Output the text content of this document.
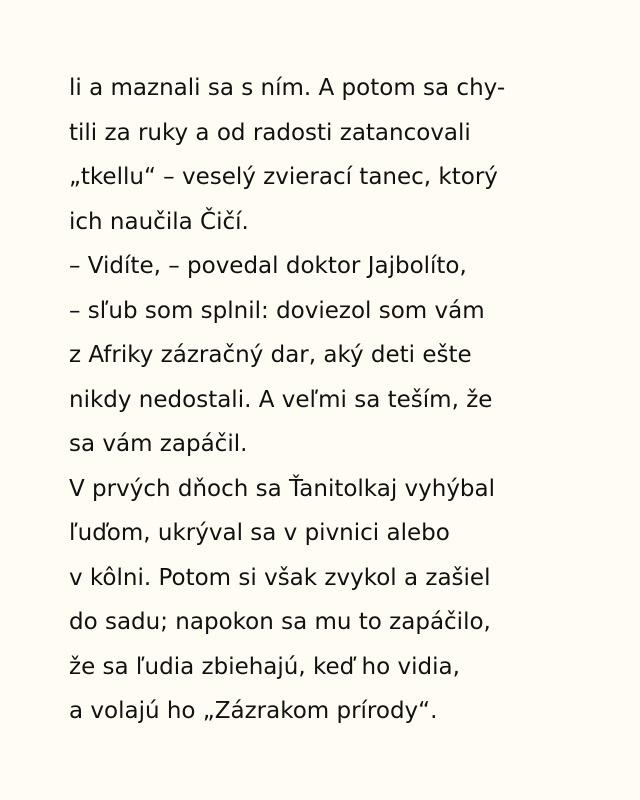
li a maznali sa s ním. A potom sa chy-
tili za ruky a od radosti zatancovali
„tkellu“ – veselý zvierací tanec, ktorý
ich naučila Čičí.
– Vidíte, – povedal doktor Jajbolíto,
– sľub som splnil: doviezol som vám
z Afriky zázračný dar, aký deti ešte
nikdy nedostali. A veľmi sa teším, že
sa vám zapáčil.
V prvých dňoch sa Ťanitolkaj vyhýbal
ľuďom, ukrýval sa v pivnici alebo
v kôlni. Potom si však zvykol a zašiel
do sadu; napokon sa mu to zapáčilo,
že sa ľudia zbiehajú, keď ho vidia,
a volajú ho „Zázrakom prírody“.
